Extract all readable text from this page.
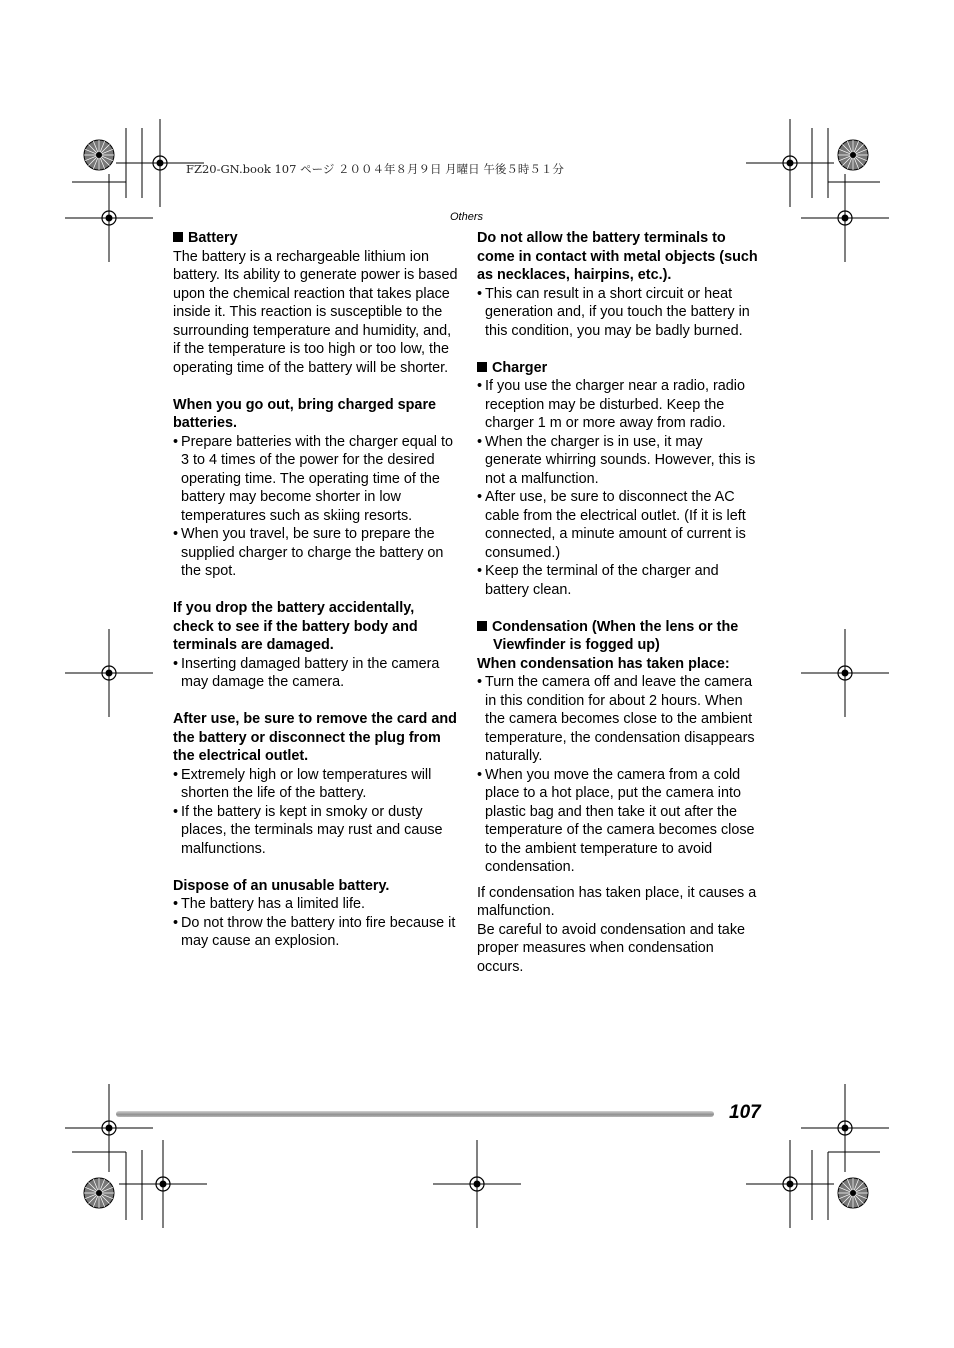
FZ20-GN.book 107 ページ ２００４年８月９日 月曜日 午後５時５１分
Others

Battery

The battery is a rechargeable lithium ion battery. Its ability to generate power is based upon the chemical reaction that takes place inside it. This reaction is susceptible to the surrounding temperature and humidity, and, if the temperature is too high or too low, the operating time of the battery will be shorter.

When you go out, bring charged spare batteries.

• Prepare batteries with the charger equal to 3 to 4 times of the power for the desired operating time. The operating time of the battery may become shorter in low temperatures such as skiing resorts.
• When you travel, be sure to prepare the supplied charger to charge the battery on the spot.

If you drop the battery accidentally, check to see if the battery body and terminals are damaged.

• Inserting damaged battery in the camera may damage the camera.

After use, be sure to remove the card and the battery or disconnect the plug from the electrical outlet.

• Extremely high or low temperatures will shorten the life of the battery.
• If the battery is kept in smoky or dusty places, the terminals may rust and cause malfunctions.

Dispose of an unusable battery.

• The battery has a limited life.
• Do not throw the battery into fire because it may cause an explosion.

Do not allow the battery terminals to come in contact with metal objects (such as necklaces, hairpins, etc.).

• This can result in a short circuit or heat generation and, if you touch the battery in this condition, you may be badly burned.

Charger

• If you use the charger near a radio, radio reception may be disturbed. Keep the charger 1 m or more away from radio.
• When the charger is in use, it may generate whirring sounds. However, this is not a malfunction.
• After use, be sure to disconnect the AC cable from the electrical outlet. (If it is left connected, a minute amount of current is consumed.)
• Keep the terminal of the charger and battery clean.

Condensation (When the lens or the Viewfinder is fogged up)

When condensation has taken place:

• Turn the camera off and leave the camera in this condition for about 2 hours. When the camera becomes close to the ambient temperature, the condensation disappears naturally.
• When you move the camera from a cold place to a hot place, put the camera into plastic bag and then take it out after the temperature of the camera becomes close to the ambient temperature to avoid condensation.

If condensation has taken place, it causes a malfunction.

Be careful to avoid condensation and take proper measures when condensation occurs.

107
